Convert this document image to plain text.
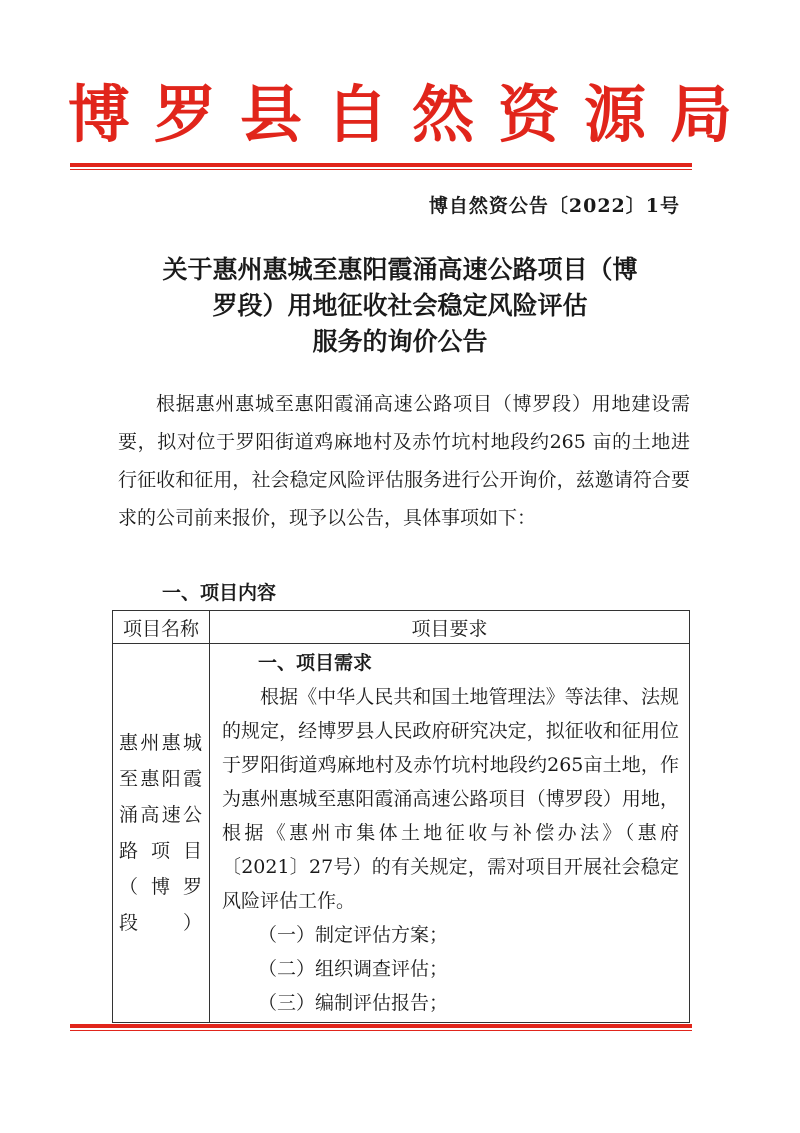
博罗县自然资源局
博自然资公告〔2022〕1号
关于惠州惠城至惠阳霞涌高速公路项目（博
罗段）用地征收社会稳定风险评估
服务的询价公告

根据惠州惠城至惠阳霞涌高速公路项目（博罗段）用地建设需要，拟对位于罗阳街道鸡麻地村及赤竹坑村地段约265 亩的土地进行征收和征用，社会稳定风险评估服务进行公开询价，兹邀请符合要求的公司前来报价，现予以公告，具体事项如下：

一、项目内容
项目名称	项目要求
惠州惠城至惠阳霞涌高速公路项目（博罗段）	一、项目需求

根据《中华人民共和国土地管理法》等法律、法规的规定，经博罗县人民政府研究决定，拟征收和征用位于罗阳街道鸡麻地村及赤竹坑村地段约265亩土地，作为惠州惠城至惠阳霞涌高速公路项目（博罗段）用地，根据《惠州市集体土地征收与补偿办法》（惠府〔2021〕27号）的有关规定，需对项目开展社会稳定风险评估工作。

（一）制定评估方案；

（二）组织调查评估；

（三）编制评估报告；
